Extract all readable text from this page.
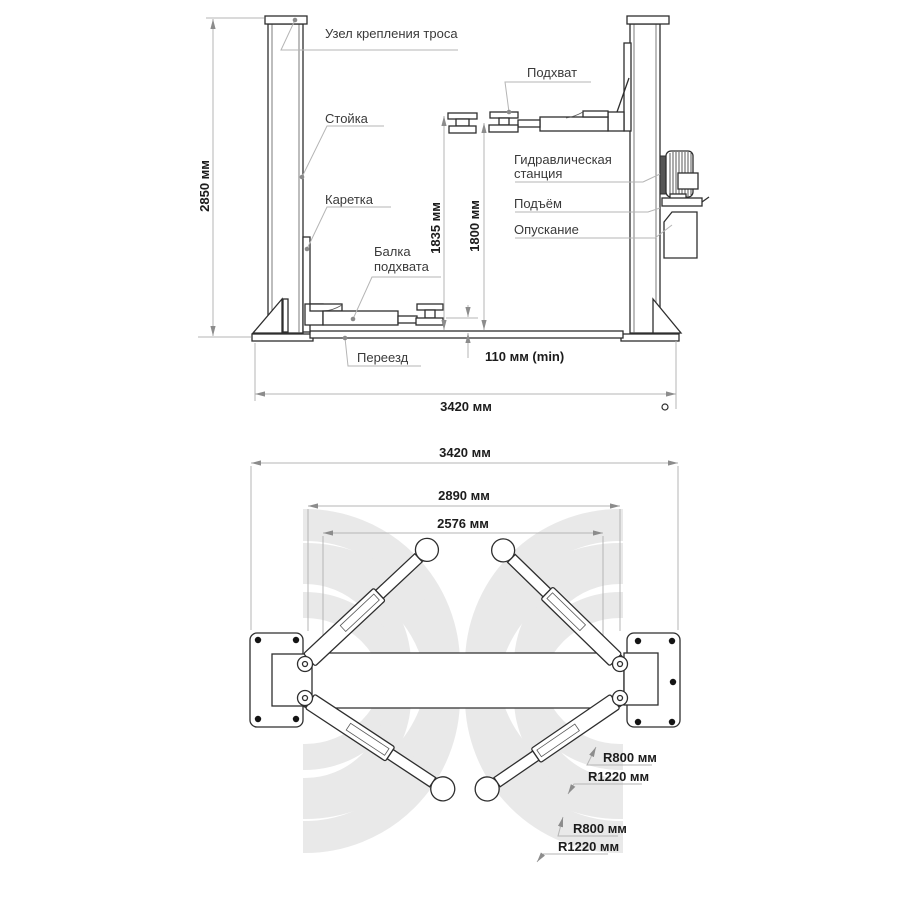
3420 мм
2890 мм
2576 мм
R800 мм
R1220 мм
R800 мм
R1220 мм
Узел крепления троса
Стойка
Каретка
Балка
подхвата
Подхват
Гидравлическая
станция
Подъём
Опускание
Переезд
2850 мм
1835 мм 1800 мм
110 мм (min)
3420 мм
